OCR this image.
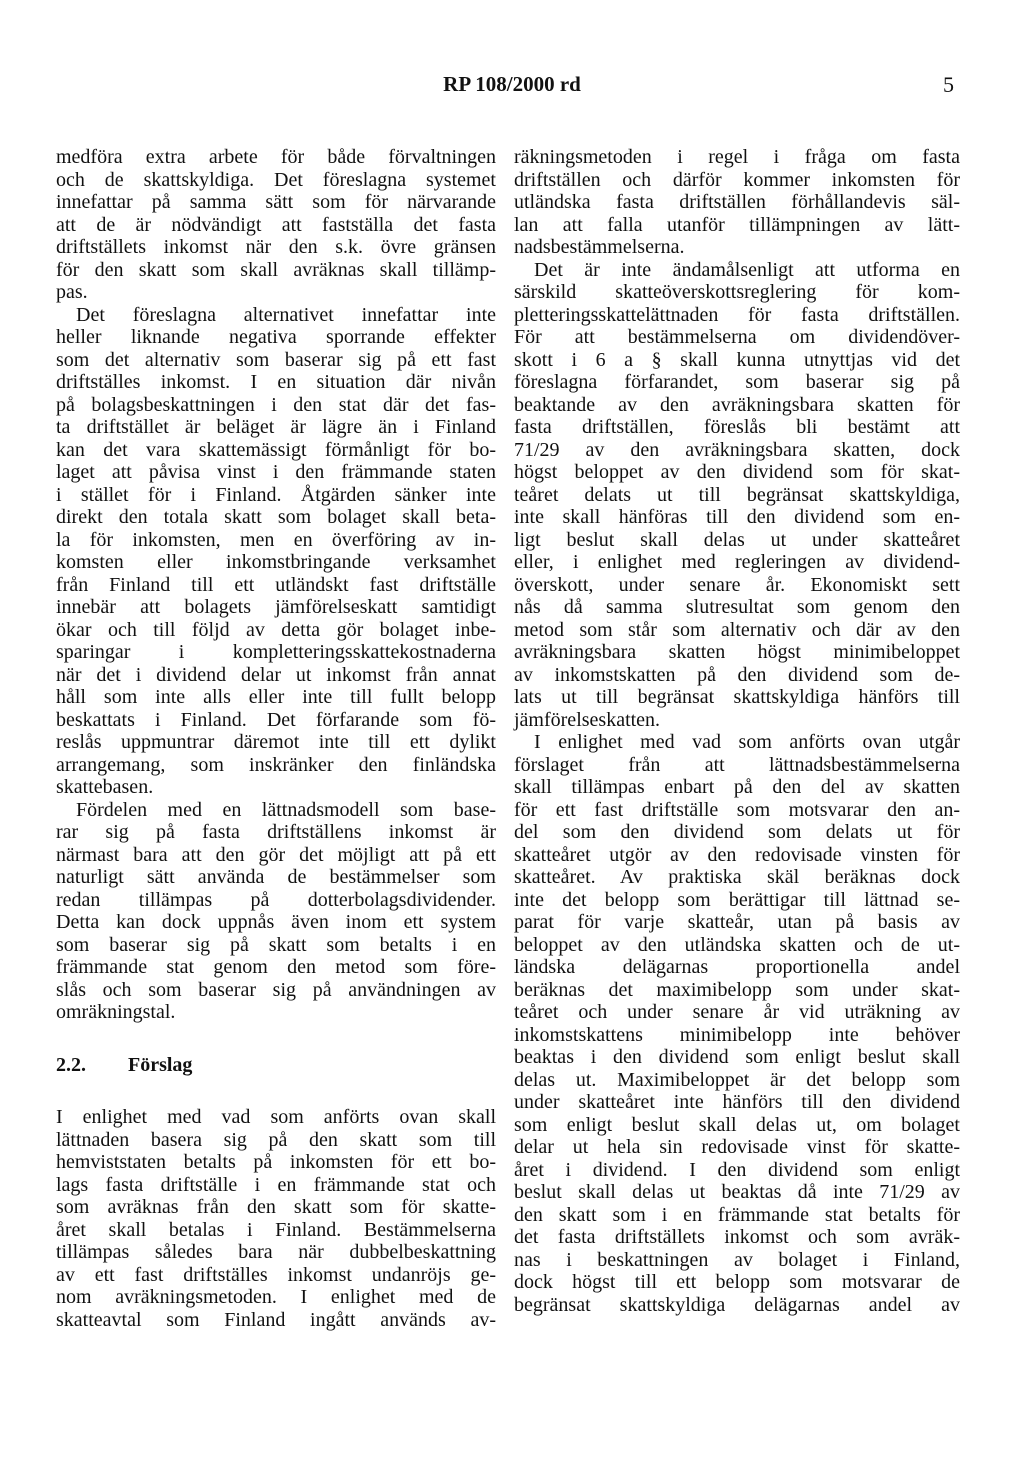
RP 108/2000 rd	5
medföra extra arbete för både förvaltningen
och de skattskyldiga. Det föreslagna systemet
innefattar på samma sätt som för närvarande
att de är nödvändigt att fastställa det fasta
driftställets inkomst när den s.k. övre gränsen
för den skatt som skall avräknas skall tillämp-
pas.
Det föreslagna alternativet innefattar inte
heller liknande negativa sporrande effekter
som det alternativ som baserar sig på ett fast
driftställes inkomst. I en situation där nivån
på bolagsbeskattningen i den stat där det fas-
ta driftstället är beläget är lägre än i Finland
kan det vara skattemässigt förmånligt för bo-
laget att påvisa vinst i den främmande staten
i stället för i Finland. Åtgärden sänker inte
direkt den totala skatt som bolaget skall beta-
la för inkomsten, men en överföring av in-
komsten eller inkomstbringande verksamhet
från Finland till ett utländskt fast driftställe
innebär att bolagets jämförelseskatt samtidigt
ökar och till följd av detta gör bolaget inbe-
sparingar i kompletteringsskattekostnaderna
när det i dividend delar ut inkomst från annat
håll som inte alls eller inte till fullt belopp
beskattats i Finland. Det förfarande som fö-
reslås uppmuntrar däremot inte till ett dylikt
arrangemang, som inskränker den finländska
skattebasen.
Fördelen med en lättnadsmodell som base-
rar sig på fasta driftställens inkomst är
närmast bara att den gör det möjligt att på ett
naturligt sätt använda de bestämmelser som
redan tillämpas på dotterbolagsdividender.
Detta kan dock uppnås även inom ett system
som baserar sig på skatt som betalts i en
främmande stat genom den metod som före-
slås och som baserar sig på användningen av
omräkningstal.
2.2. Förslag
I enlighet med vad som anförts ovan skall
lättnaden basera sig på den skatt som till
hemviststaten betalts på inkomsten för ett bo-
lags fasta driftställe i en främmande stat och
som avräknas från den skatt som för skatte-
året skall betalas i Finland. Bestämmelserna
tillämpas således bara när dubbelbeskattning
av ett fast driftställes inkomst undanröjs ge-
nom avräkningsmetoden. I enlighet med de
skatteavtal som Finland ingått används av-
räkningsmetoden i regel i fråga om fasta
driftställen och därför kommer inkomsten för
utländska fasta driftställen förhållandevis säl-
lan att falla utanför tillämpningen av lätt-
nadsbestämmelserna.
Det är inte ändamålsenligt att utforma en
särskild skatteöverskottsreglering för kom-
pletteringsskattelättnaden för fasta driftställen.
För att bestämmelserna om dividendöver-
skott i 6 a § skall kunna utnyttjas vid det
föreslagna förfarandet, som baserar sig på
beaktande av den avräkningsbara skatten för
fasta driftställen, föreslås bli bestämt att
71/29 av den avräkningsbara skatten, dock
högst beloppet av den dividend som för skat-
teåret delats ut till begränsat skattskyldiga,
inte skall hänföras till den dividend som en-
ligt beslut skall delas ut under skatteåret
eller, i enlighet med regleringen av dividend-
överskott, under senare år. Ekonomiskt sett
nås då samma slutresultat som genom den
metod som står som alternativ och där av den
avräkningsbara skatten högst minimibeloppet
av inkomstskatten på den dividend som de-
lats ut till begränsat skattskyldiga hänförs till
jämförelseskatten.
I enlighet med vad som anförts ovan utgår
förslaget från att lättnadsbestämmelserna
skall tillämpas enbart på den del av skatten
för ett fast driftställe som motsvarar den an-
del som den dividend som delats ut för
skatteåret utgör av den redovisade vinsten för
skatteåret. Av praktiska skäl beräknas dock
inte det belopp som berättigar till lättnad se-
parat för varje skatteår, utan på basis av
beloppet av den utländska skatten och de ut-
ländska delägarnas proportionella andel
beräknas det maximibelopp som under skat-
teåret och under senare år vid uträkning av
inkomstskattens minimibelopp inte behöver
beaktas i den dividend som enligt beslut skall
delas ut. Maximibeloppet är det belopp som
under skatteåret inte hänförs till den dividend
som enligt beslut skall delas ut, om bolaget
delar ut hela sin redovisade vinst för skatte-
året i dividend. I den dividend som enligt
beslut skall delas ut beaktas då inte 71/29 av
den skatt som i en främmande stat betalts för
det fasta driftställets inkomst och som avräk-
nas i beskattningen av bolaget i Finland,
dock högst till ett belopp som motsvarar de
begränsat skattskyldiga delägarnas andel av
